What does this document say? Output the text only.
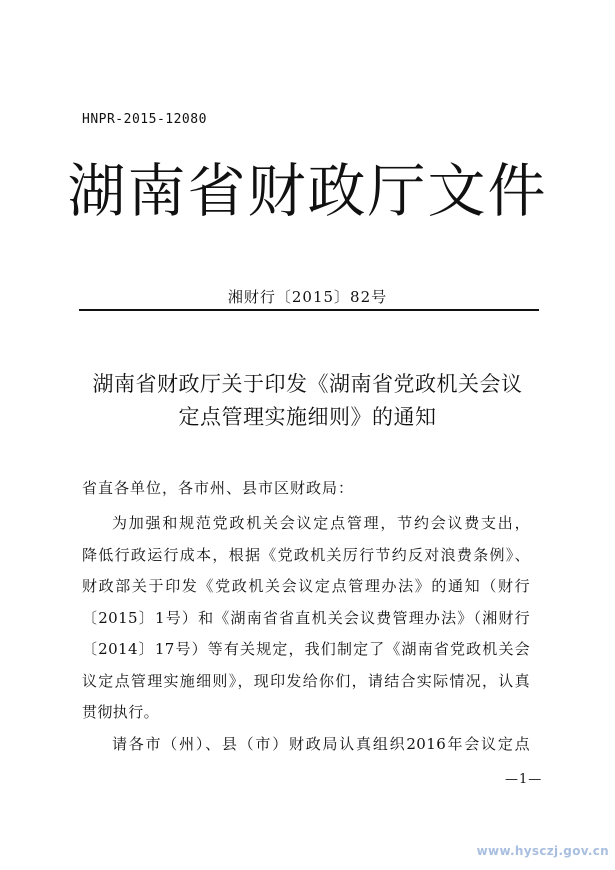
HNPR-2015-12080
湖南省财政厅文件
湘财行〔2015〕82号
湖南省财政厅关于印发《湖南省党政机关会议
定点管理实施细则》的通知
省直各单位，各市州、县市区财政局：
为加强和规范党政机关会议定点管理，节约会议费支出，
降低行政运行成本，根据《党政机关厉行节约反对浪费条例》、
财政部关于印发《党政机关会议定点管理办法》的通知（财行
〔2015〕1号）和《湖南省省直机关会议费管理办法》（湘财行
〔2014〕17号）等有关规定，我们制定了《湖南省党政机关会
议定点管理实施细则》，现印发给你们，请结合实际情况，认真
贯彻执行。
请各市（州）、县（市）财政局认真组织2016年会议定点
—1—
www.hysczj.gov.cn
